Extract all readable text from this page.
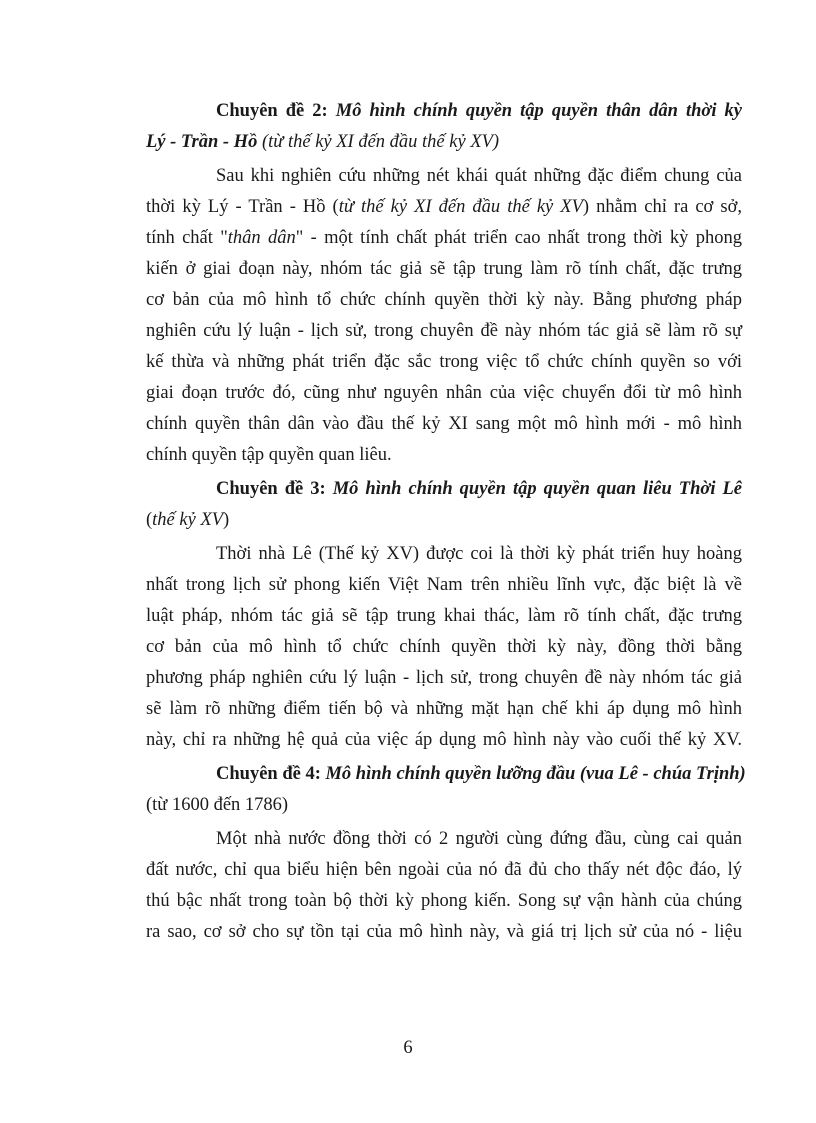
Chuyên đề 2: Mô hình chính quyền tập quyền thân dân thời kỳ
Lý - Trần - Hồ (từ thế kỷ XI đến đầu thế kỷ XV)
Sau khi nghiên cứu những nét khái quát những đặc điểm chung của
thời kỳ Lý - Trần - Hồ (từ thế kỷ XI đến đầu thế kỷ XV) nhằm chỉ ra cơ sở,
tính chất "thân dân" - một tính chất phát triển cao nhất trong thời kỳ phong
kiến ở giai đoạn này, nhóm tác giả sẽ tập trung làm rõ tính chất, đặc trưng
cơ bản của mô hình tổ chức chính quyền thời kỳ này. Bằng phương pháp
nghiên cứu lý luận - lịch sử, trong chuyên đề này nhóm tác giả sẽ làm rõ sự
kế thừa và những phát triển đặc sắc trong việc tổ chức chính quyền so với
giai đoạn trước đó, cũng như nguyên nhân của việc chuyển đổi từ mô hình
chính quyền thân dân vào đầu thế kỷ XI sang một mô hình mới - mô hình
chính quyền tập quyền quan liêu.
Chuyên đề 3: Mô hình chính quyền tập quyền quan liêu Thời Lê
(thế kỷ XV)
Thời nhà Lê (Thế kỷ XV) được coi là thời kỳ phát triển huy hoàng
nhất trong lịch sử phong kiến Việt Nam trên nhiều lĩnh vực, đặc biệt là về
luật pháp, nhóm tác giả sẽ tập trung khai thác, làm rõ tính chất, đặc trưng
cơ bản của mô hình tổ chức chính quyền thời kỳ này, đồng thời bằng
phương pháp nghiên cứu lý luận - lịch sử, trong chuyên đề này nhóm tác giả
sẽ làm rõ những điểm tiến bộ và những mặt hạn chế khi áp dụng mô hình
này, chỉ ra những hệ quả của việc áp dụng mô hình này vào cuối thế kỷ XV.
Chuyên đề 4: Mô hình chính quyền lưỡng đầu (vua Lê - chúa Trịnh)
(từ 1600 đến 1786)
Một nhà nước đồng thời có 2 người cùng đứng đầu, cùng cai quản
đất nước, chỉ qua biểu hiện bên ngoài của nó đã đủ cho thấy nét độc đáo, lý
thú bậc nhất trong toàn bộ thời kỳ phong kiến. Song sự vận hành của chúng
ra sao, cơ sở cho sự tồn tại của mô hình này, và giá trị lịch sử của nó - liệu
6
